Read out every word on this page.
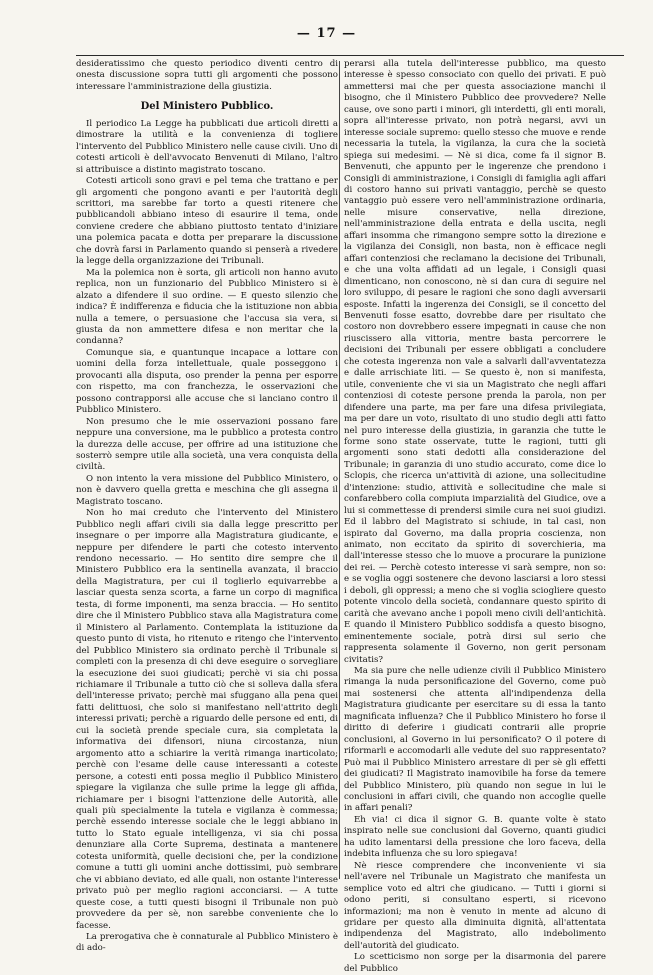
— 17 —

desideratissimo che questo periodico diventi centro di onesta discussione sopra tutti gli argomenti che possono interessare l'amministrazione della giustizia.

Del Ministero Pubblico.

Il periodico La Legge ha pubblicati due articoli diretti a dimostrare la utilità e la convenienza di togliere l'intervento del Pubblico Ministero nelle cause civili. Uno di cotesti articoli è dell'avvocato Benvenuti di Milano, l'altro si attribuisce a distinto magistrato toscano.

Cotesti articoli sono gravi e pel tema che trattano e per gli argomenti che pongono avanti e per l'autorità degli scrittori, ma sarebbe far torto a questi ritenere che pubblicandoli abbiano inteso di esaurire il tema, onde conviene credere che abbiano piuttosto tentato d'iniziare una polemica pacata e dotta per preparare la discussione che dovrà farsi in Parlamento quando si penserà a rivedere la legge della organizzazione dei Tribunali.

Ma la polemica non è sorta, gli articoli non hanno avuto replica, non un funzionario del Pubblico Ministero si è alzato a difendere il suo ordine. — E questo silenzio che indica? È indifferenza e fiducia che la istituzione non abbia nulla a temere, o persuasione che l'accusa sia vera, si giusta da non ammettere difesa e non meritar che la condanna?

Comunque sia, e quantunque incapace a lottare con uomini della forza intellettuale, quale posseggono i provocanti alla disputa, oso prender la penna per esporre con rispetto, ma con franchezza, le osservazioni che possono contrapporsi alle accuse che si lanciano contro il Pubblico Ministero.

Non presumo che le mie osservazioni possano fare neppure una conversione, ma le pubblico a protesta contro la durezza delle accuse, per offrire ad una istituzione che sosterrò sempre utile alla società, una vera conquista della civiltà.

O non intento la vera missione del Pubblico Ministero, o non è davvero quella gretta e meschina che gli assegna il Magistrato toscano.

Non ho mai creduto che l'intervento del Ministero Pubblico negli affari civili sia dalla legge prescritto per insegnare o per imporre alla Magistratura giudicante, e neppure per difendere le parti che cotesto intervento rendono necessario. — Ho sentito dire sempre che il Ministero Pubblico era la sentinella avanzata, il braccio della Magistratura, per cui il toglierlo equivarrebbe a lasciar questa senza scorta, a farne un corpo di magnifica testa, di forme imponenti, ma senza braccia. — Ho sentito dire che il Ministero Pubblico stava alla Magistratura come il Ministero al Parlamento. Contemplata la istituzione da questo punto di vista, ho ritenuto e ritengo che l'intervento del Pubblico Ministero sia ordinato perchè il Tribunale si completi con la presenza di chi deve eseguire o sorvegliare la esecuzione dei suoi giudicati; perchè vi sia chi possa richiamare il Tribunale a tutto ciò che si solleva dalla sfera dell'interesse privato; perchè mai sfuggano alla pena quei fatti delittuosi, che solo si manifestano nell'attrito degli interessi privati; perchè a riguardo delle persone ed enti, di cui la società prende speciale cura, sia completata la informativa dei difensori, niuna circostanza, niun argomento atto a schiarire la verità rimanga inarticolato; perchè con l'esame delle cause interessanti a coteste persone, a cotesti enti possa meglio il Pubblico Ministero spiegare la vigilanza che sulle prime la legge gli affida, richiamare per i bisogni l'attenzione delle Autorità, alle quali più specialmente la tutela e vigilanza è commessa; perchè essendo interesse sociale che le leggi abbiano in tutto lo Stato eguale intelligenza, vi sia chi possa denunziare alla Corte Suprema, destinata a mantenere cotesta uniformità, quelle decisioni che, per la condizione comune a tutti gli uomini anche dottissimi, può sembrare che vi abbiano deviato, ed alle quali, non ostante l'interesse privato può per meglio ragioni acconciarsi. — A tutte queste cose, a tutti questi bisogni il Tribunale non può provvedere da per sè, non sarebbe conveniente che lo facesse.

La prerogativa che è connaturale al Pubblico Ministero è di ado-

perarsi alla tutela dell'interesse pubblico, ma questo interesse è spesso consociato con quello dei privati. E può ammettersi mai che per questa associazione manchi il bisogno, che il Ministero Pubblico dee provvedere? Nelle cause, ove sono parti i minori, gli interdetti, gli enti morali, sopra all'interesse privato, non potrà negarsi, avvi un interesse sociale supremo: quello stesso che muove e rende necessaria la tutela, la vigilanza, la cura che la società spiega sui medesimi. — Nè si dica, come fa il signor B. Benvenuti, che appunto per le ingerenze che prendono i Consigli di amministrazione, i Consigli di famiglia agli affari di costoro hanno sui privati vantaggio, perchè se questo vantaggio può essere vero nell'amministrazione ordinaria, nelle misure conservative, nella direzione, nell'amministrazione della entrata e della uscita, negli affari insomma che rimangono sempre sotto la direzione e la vigilanza dei Consigli, non basta, non è efficace negli affari contenziosi che reclamano la decisione dei Tribunali, e che una volta affidati ad un legale, i Consigli quasi dimenticano, non conoscono, nè si dan cura di seguire nel loro sviluppo, di pesare le ragioni che sono dagli avversarii esposte. Infatti la ingerenza dei Consigli, se il concetto del Benvenuti fosse esatto, dovrebbe dare per risultato che costoro non dovrebbero essere impegnati in cause che non riuscissero alla vittoria, mentre basta percorrere le decisioni dei Tribunali per essere obbligati a concludere che cotesta ingerenza non vale a salvarli dall'avventatezza e dalle arrischiate liti. — Se questo è, non si manifesta, utile, conveniente che vi sia un Magistrato che negli affari contenziosi di coteste persone prenda la parola, non per difendere una parte, ma per fare una difesa privilegiata, ma per dare un voto, risultato di uno studio degli atti fatto nel puro interesse della giustizia, in garanzia che tutte le forme sono state osservate, tutte le ragioni, tutti gli argomenti sono stati dedotti alla considerazione del Tribunale; in garanzia di uno studio accurato, come dice lo Sclopis, che ricerca un'attività di azione, una sollecitudine d'intenzione: studio, attività e sollecitudine che male si confarebbero colla compiuta imparzialità del Giudice, ove a lui si commettesse di prendersi simile cura nei suoi giudizi. Ed il labbro del Magistrato si schiude, in tal casi, non ispirato dal Governo, ma dalla propria coscienza, non animato, non eccitato da spirito di soverchieria, ma dall'interesse stesso che lo muove a procurare la punizione dei rei. — Perchè cotesto interesse vi sarà sempre, non so: e se voglia oggi sostenere che devono lasciarsi a loro stessi i deboli, gli oppressi; a meno che si voglia sciogliere questo potente vincolo della società, condannare questo spirito di carità che avevano anche i popoli meno civili dell'antichità. E quando il Ministero Pubblico soddisfa a questo bisogno, eminentemente sociale, potrà dirsi sul serio che rappresenta solamente il Governo, non gerit personam civitatis?

Ma sia pure che nelle udienze civili il Pubblico Ministero rimanga la nuda personificazione del Governo, come può mai sostenersi che attenta all'indipendenza della Magistratura giudicante per esercitare su di essa la tanto magnificata influenza? Che il Pubblico Ministero ho forse il diritto di deferire i giudicati contrarii alle proprie conclusioni, al Governo in lui personificato? O il potere di riformarli e accomodarli alle vedute del suo rappresentato? Può mai il Pubblico Ministero arrestare di per sè gli effetti dei giudicati? Il Magistrato inamovibile ha forse da temere del Pubblico Ministero, più quando non segue in lui le conclusioni in affari civili, che quando non accoglie quelle in affari penali?

Eh via! ci dica il signor G. B. quante volte è stato inspirato nelle sue conclusioni dal Governo, quanti giudici ha udito lamentarsi della pressione che loro faceva, della indebita influenza che su loro spiegava!

Nè riesce comprendere che inconveniente vi sia nell'avere nel Tribunale un Magistrato che manifesta un semplice voto ed altri che giudicano. — Tutti i giorni si odono periti, si consultano esperti, si ricevono informazioni; ma non è venuto in mente ad alcuno di gridare per questo alla diminuita dignità, all'attentata indipendenza del Magistrato, allo indebolimento dell'autorità del giudicato.

Lo scetticismo non sorge per la disarmonia del parere del Pubblico
